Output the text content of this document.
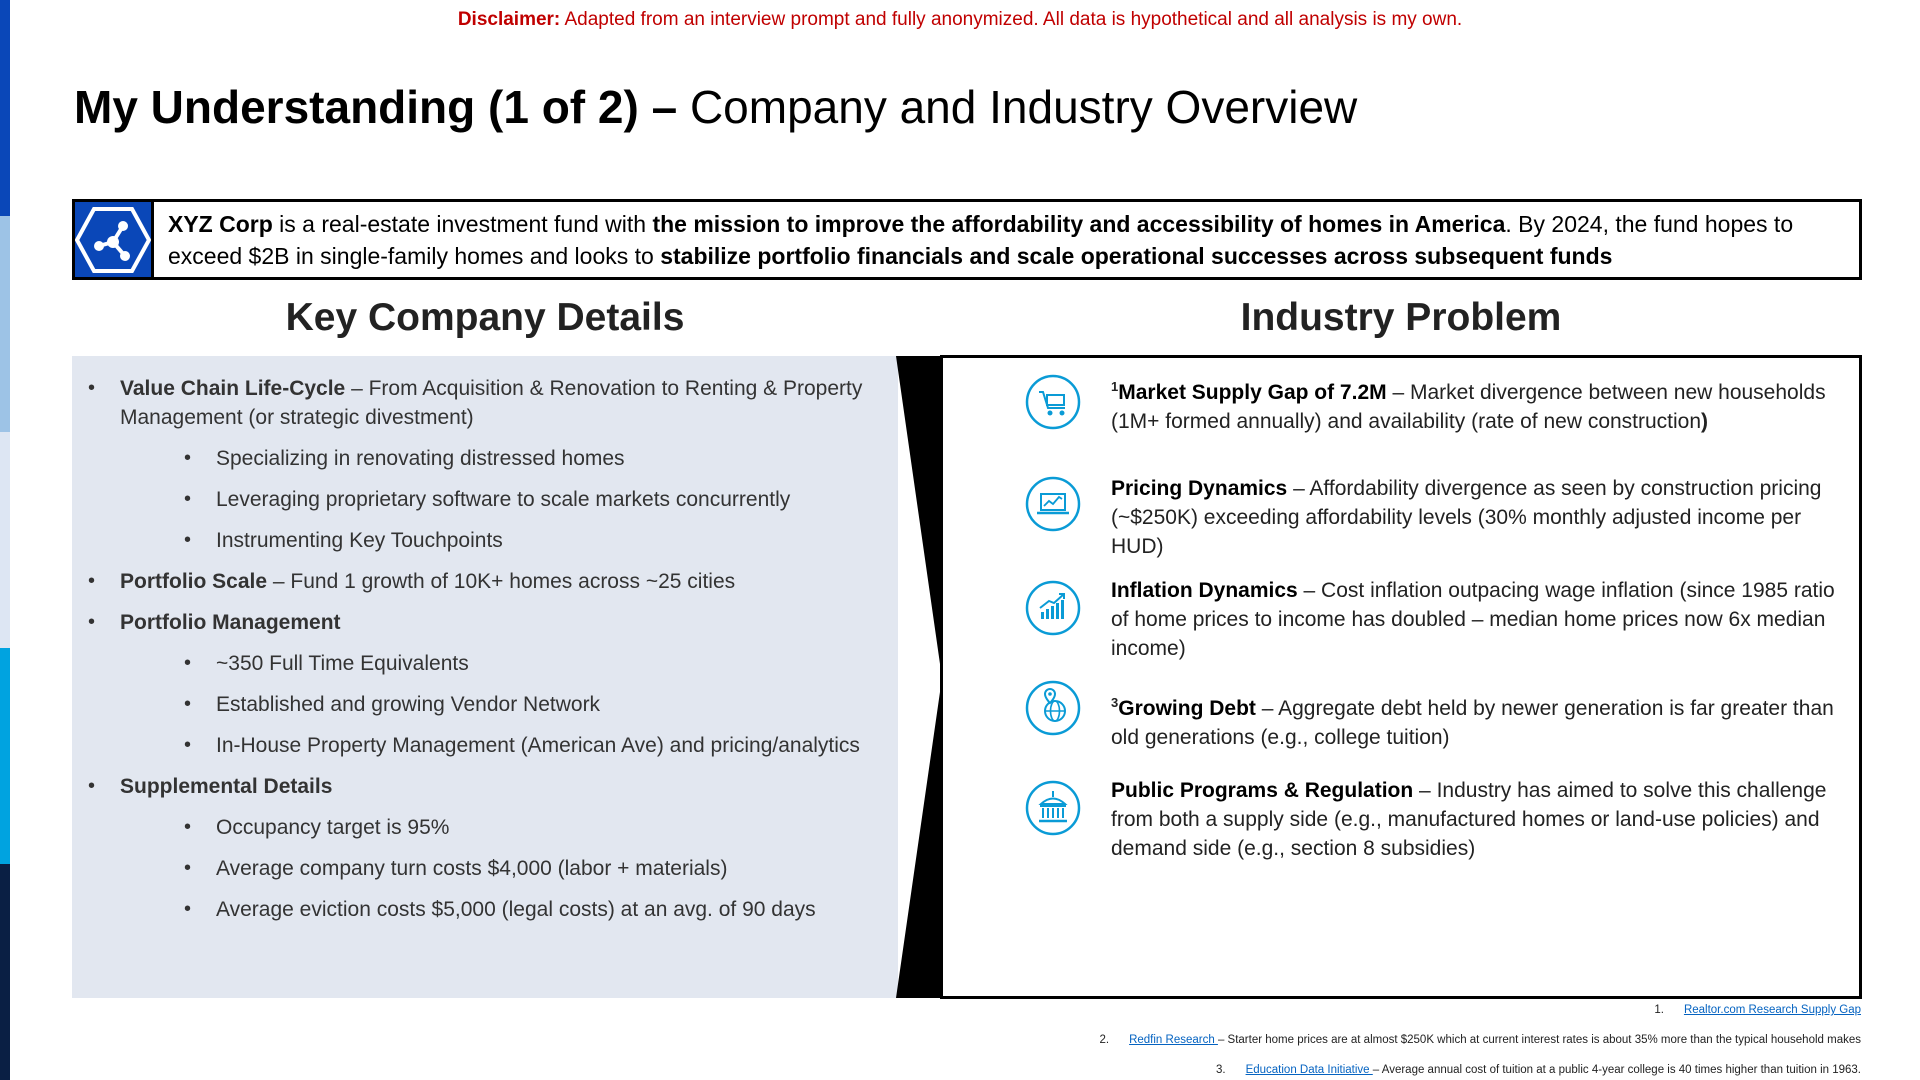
Disclaimer: Adapted from an interview prompt and fully anonymized. All data is hypothetical and all analysis is my own.
My Understanding (1 of 2) – Company and Industry Overview
XYZ Corp is a real-estate investment fund with the mission to improve the affordability and accessibility of homes in America. By 2024, the fund hopes to exceed $2B in single-family homes and looks to stabilize portfolio financials and scale operational successes across subsequent funds
Key Company Details	Industry Problem
• Value Chain Life-Cycle – From Acquisition & Renovation to Renting & Property Management (or strategic divestment)
• Specializing in renovating distressed homes
• Leveraging proprietary software to scale markets concurrently
• Instrumenting Key Touchpoints
• Portfolio Scale – Fund 1 growth of 10K+ homes across ~25 cities
• Portfolio Management
• ~350 Full Time Equivalents
• Established and growing Vendor Network
• In-House Property Management (American Ave) and pricing/analytics
• Supplemental Details
• Occupancy target is 95%
• Average company turn costs $4,000 (labor + materials)
• Average eviction costs $5,000 (legal costs) at an avg. of 90 days
$^1$Market Supply Gap of 7.2M – Market divergence between new households (1M+ formed annually) and availability (rate of new construction)
Pricing Dynamics – Affordability divergence as seen by construction pricing (~$250K) exceeding affordability levels (30% monthly adjusted income per HUD)
Inflation Dynamics – Cost inflation outpacing wage inflation (since 1985 ratio of home prices to income has doubled – median home prices now 6x median income)
$^3$Growing Debt – Aggregate debt held by newer generation is far greater than old generations (e.g., college tuition)
Public Programs & Regulation – Industry has aimed to solve this challenge from both a supply side (e.g., manufactured homes or land-use policies) and demand side (e.g., section 8 subsidies)
1. Realtor.com Research Supply Gap
2. Redfin Research – Starter home prices are at almost $250K which at current interest rates is about 35% more than the typical household makes
3. Education Data Initiative – Average annual cost of tuition at a public 4-year college is 40 times higher than tuition in 1963.
